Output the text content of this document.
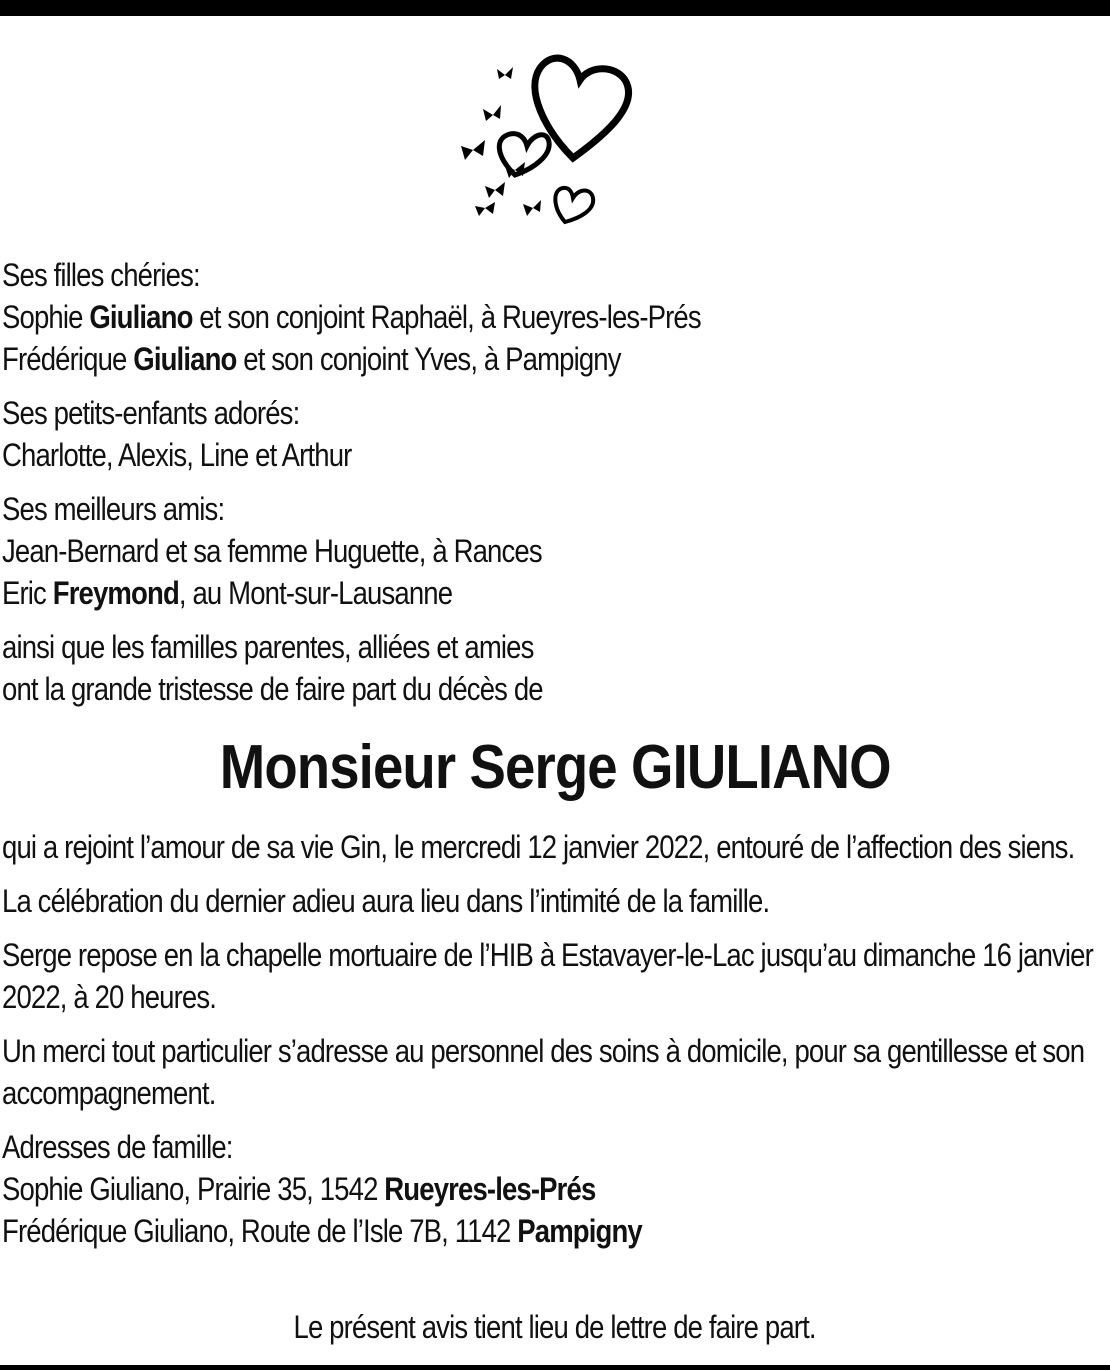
Ses filles chéries:
Sophie Giuliano et son conjoint Raphaël, à Rueyres-les-Prés
Frédérique Giuliano et son conjoint Yves, à Pampigny

Ses petits-enfants adorés:
Charlotte, Alexis, Line et Arthur

Ses meilleurs amis:
Jean-Bernard et sa femme Huguette, à Rances
Eric Freymond, au Mont-sur-Lausanne

ainsi que les familles parentes, alliées et amies
ont la grande tristesse de faire part du décès de

Monsieur Serge GIULIANO

qui a rejoint l’amour de sa vie Gin, le mercredi 12 janvier 2022, entouré de l’affection des siens.

La célébration du dernier adieu aura lieu dans l’intimité de la famille.

Serge repose en la chapelle mortuaire de l’HIB à Estavayer-le-Lac jusqu’au dimanche 16 janvier 2022, à 20 heures.

Un merci tout particulier s’adresse au personnel des soins à domicile, pour sa gentillesse et son accompagnement.

Adresses de famille:
Sophie Giuliano, Prairie 35, 1542 Rueyres-les-Prés
Frédérique Giuliano, Route de l’Isle 7B, 1142 Pampigny

Le présent avis tient lieu de lettre de faire part.
